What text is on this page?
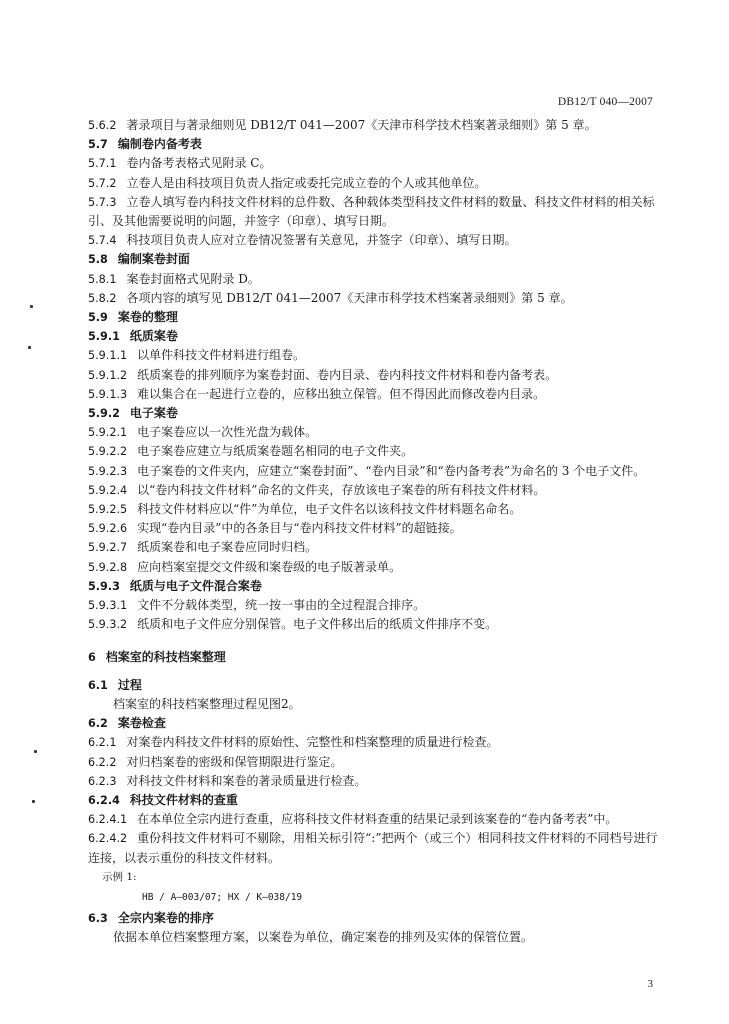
DB12/T 040—2007
5.6.2 著录项目与著录细则见 DB12/T 041—2007《天津市科学技术档案著录细则》第 5 章。
5.7 编制卷内备考表
5.7.1 卷内备考表格式见附录 C。
5.7.2 立卷人是由科技项目负责人指定或委托完成立卷的个人或其他单位。
5.7.3 立卷人填写卷内科技文件材料的总件数、各种载体类型科技文件材料的数量、科技文件材料的相关标引、及其他需要说明的问题，并签字（印章）、填写日期。
5.7.4 科技项目负责人应对立卷情况签署有关意见，并签字（印章）、填写日期。
5.8 编制案卷封面
5.8.1 案卷封面格式见附录 D。
5.8.2 各项内容的填写见 DB12/T 041—2007《天津市科学技术档案著录细则》第 5 章。
5.9 案卷的整理
5.9.1 纸质案卷
5.9.1.1 以单件科技文件材料进行组卷。
5.9.1.2 纸质案卷的排列顺序为案卷封面、卷内目录、卷内科技文件材料和卷内备考表。
5.9.1.3 难以集合在一起进行立卷的，应移出独立保管。但不得因此而修改卷内目录。
5.9.2 电子案卷
5.9.2.1 电子案卷应以一次性光盘为载体。
5.9.2.2 电子案卷应建立与纸质案卷题名相同的电子文件夹。
5.9.2.3 电子案卷的文件夹内，应建立“案卷封面”、“卷内目录”和“卷内备考表”为命名的 3 个电子文件。
5.9.2.4 以“卷内科技文件材料”命名的文件夹，存放该电子案卷的所有科技文件材料。
5.9.2.5 科技文件材料应以“件”为单位，电子文件名以该科技文件材料题名命名。
5.9.2.6 实现“卷内目录”中的各条目与“卷内科技文件材料”的超链接。
5.9.2.7 纸质案卷和电子案卷应同时归档。
5.9.2.8 应向档案室提交文件级和案卷级的电子版著录单。
5.9.3 纸质与电子文件混合案卷
5.9.3.1 文件不分载体类型，统一按一事由的全过程混合排序。
5.9.3.2 纸质和电子文件应分别保管。电子文件移出后的纸质文件排序不变。
6 档案室的科技档案整理
6.1 过程
档案室的科技档案整理过程见图2。
6.2 案卷检查
6.2.1 对案卷内科技文件材料的原始性、完整性和档案整理的质量进行检查。
6.2.2 对归档案卷的密级和保管期限进行鉴定。
6.2.3 对科技文件材料和案卷的著录质量进行检查。
6.2.4 科技文件材料的查重
6.2.4.1 在本单位全宗内进行查重，应将科技文件材料查重的结果记录到该案卷的“卷内备考表”中。
6.2.4.2 重份科技文件材料可不剔除，用相关标引符“:”把两个（或三个）相同科技文件材料的不同档号进行连接，以表示重份的科技文件材料。
示例 1:
HB / A—003/07; HX / K—038/19
6.3 全宗内案卷的排序
依据本单位档案整理方案，以案卷为单位，确定案卷的排列及实体的保管位置。
3
